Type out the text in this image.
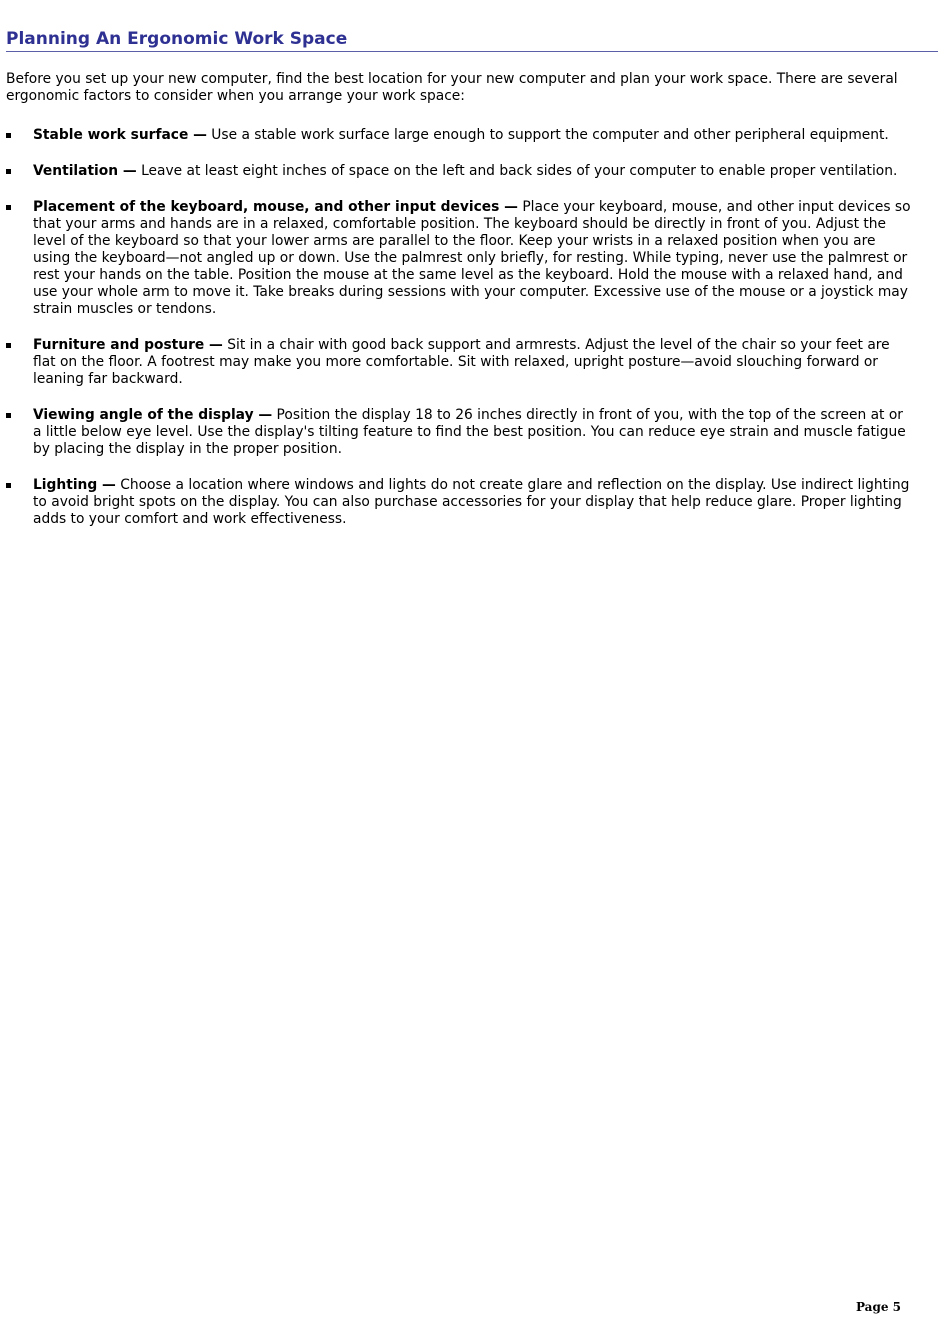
Planning An Ergonomic Work Space

Before you set up your new computer, find the best location for your new computer and plan your work space. There are several ergonomic factors to consider when you arrange your work space:

Stable work surface — Use a stable work surface large enough to support the computer and other peripheral equipment.
Ventilation — Leave at least eight inches of space on the left and back sides of your computer to enable proper ventilation.
Placement of the keyboard, mouse, and other input devices — Place your keyboard, mouse, and other input devices so that your arms and hands are in a relaxed, comfortable position. The keyboard should be directly in front of you. Adjust the level of the keyboard so that your lower arms are parallel to the floor. Keep your wrists in a relaxed position when you are using the keyboard—not angled up or down. Use the palmrest only briefly, for resting. While typing, never use the palmrest or rest your hands on the table. Position the mouse at the same level as the keyboard. Hold the mouse with a relaxed hand, and use your whole arm to move it. Take breaks during sessions with your computer. Excessive use of the mouse or a joystick may strain muscles or tendons.
Furniture and posture — Sit in a chair with good back support and armrests. Adjust the level of the chair so your feet are flat on the floor. A footrest may make you more comfortable. Sit with relaxed, upright posture—avoid slouching forward or leaning far backward.
Viewing angle of the display — Position the display 18 to 26 inches directly in front of you, with the top of the screen at or a little below eye level. Use the display's tilting feature to find the best position. You can reduce eye strain and muscle fatigue by placing the display in the proper position.
Lighting — Choose a location where windows and lights do not create glare and reflection on the display. Use indirect lighting to avoid bright spots on the display. You can also purchase accessories for your display that help reduce glare. Proper lighting adds to your comfort and work effectiveness.
Page 5
